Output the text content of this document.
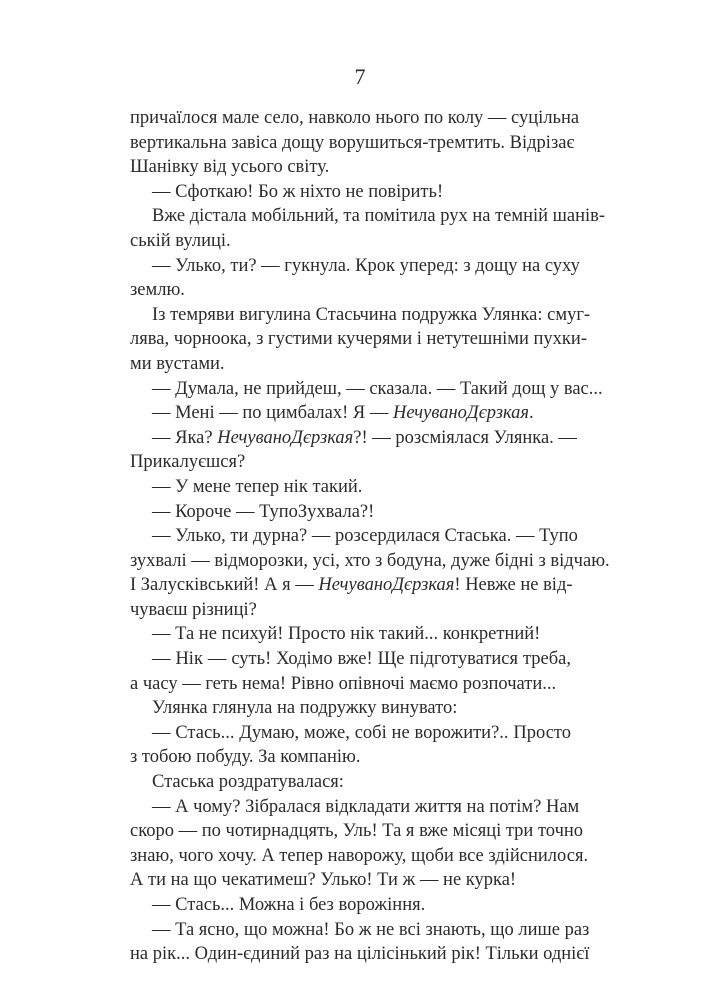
7
причаїлося мале село, навколо нього по колу — суцільна
вертикальна завіса дощу ворушиться-тремтить. Відрізає
Шанівку від усього світу.
— Сфоткаю! Бо ж ніхто не повірить!
Вже дістала мобільний, та помітила рух на темній шанів-
ській вулиці.
— Улько, ти? — гукнула. Крок уперед: з дощу на суху
землю.
Із темряви вигулина Стасьчина подружка Улянка: смуг-
лява, чорноока, з густими кучерями і нетутешніми пухки-
ми вустами.
— Думала, не прийдеш, — сказала. — Такий дощ у вас...
— Мені — по цимбалах! Я — НечуваноДєрзкая.
— Яка? НечуваноДєрзкая?! — розсміялася Улянка. —
Прикалуєшся?
— У мене тепер нік такий.
— Короче — ТупоЗухвала?!
— Улько, ти дурна? — розсердилася Стаська. — Тупо
зухвалі — відморозки, усі, хто з бодуна, дуже бідні з відчаю.
І Залусківський! А я — НечуваноДєрзкая! Невже не від-
чуваєш різниці?
— Та не психуй! Просто нік такий... конкретний!
— Нік — суть! Ходімо вже! Ще підготуватися треба,
а часу — геть нема! Рівно опівночі маємо розпочати...
Улянка глянула на подружку винувато:
— Стась... Думаю, може, собі не ворожити?.. Просто
з тобою побуду. За компанію.
Стаська роздратувалася:
— А чому? Зібралася відкладати життя на потім? Нам
скоро — по чотирнадцять, Уль! Та я вже місяці три точно
знаю, чого хочу. А тепер наворожу, щоби все здійснилося.
А ти на що чекатимеш? Улько! Ти ж — не курка!
— Стась... Можна і без ворожіння.
— Та ясно, що можна! Бо ж не всі знають, що лише раз
на рік... Один-єдиний раз на цілісінький рік! Тільки однієї
